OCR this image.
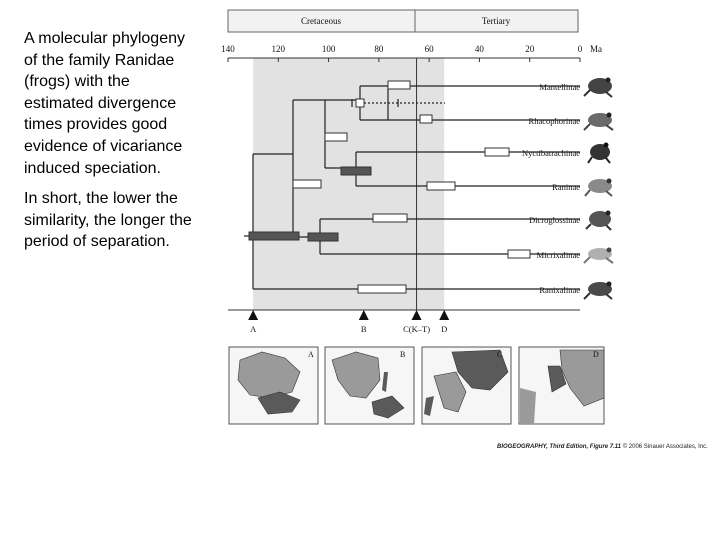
A molecular phylogeny of the family Ranidae (frogs) with the estimated divergence times provides good evidence of vicariance induced speciation.

In short, the lower the similarity, the longer the period of separation.

Cretaceous	Tertiary
140	120	100	80	60	40	20	0 Ma
Mantellinae
Rhacophorinae
Nyctibatrachinae
Raninae
Dicroglossinae
Micrixalinae
Ranixalinae
A	B	C(K–T) D
A	B	C	D
BIOGEOGRAPHY, Third Edition, Figure 7.11 © 2006 Sinauer Associates, Inc.
